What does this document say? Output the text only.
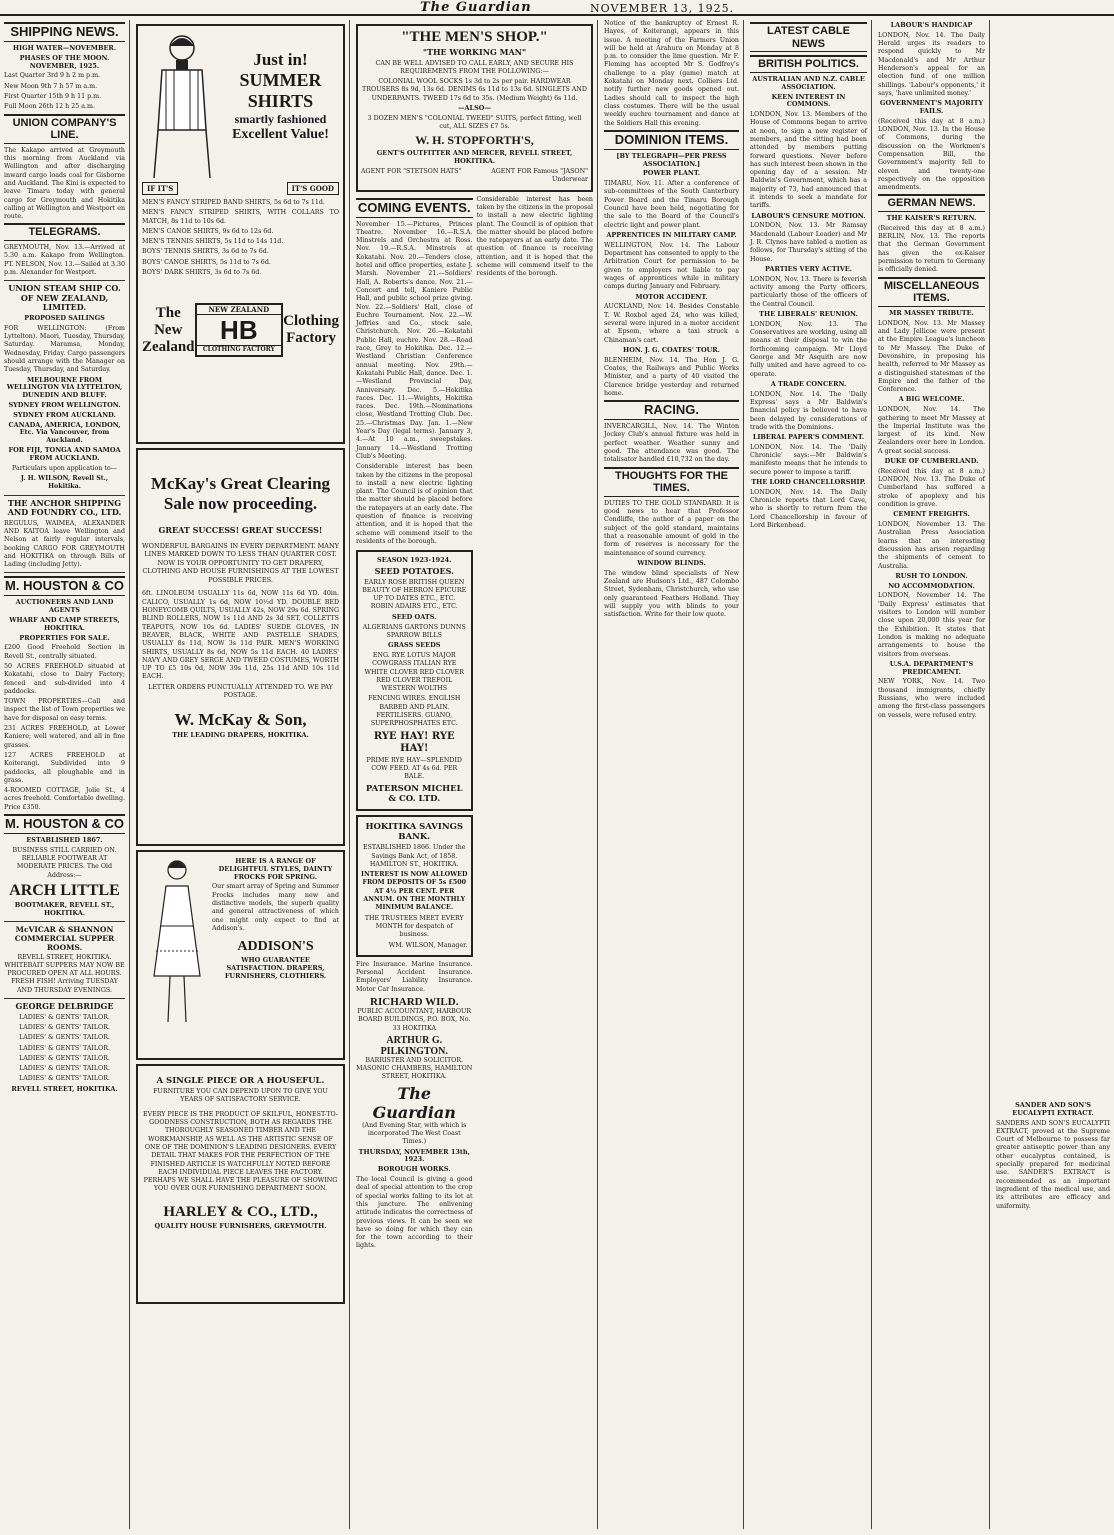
The Guardian	NOVEMBER 13, 1925.
SHIPPING NEWS.
HIGH WATER—NOVEMBER.
PHASES OF THE MOON. NOVEMBER, 1925.
Last Quarter 3rd 9 h 2 m p.m.
New Moon 9th 7 h 57 m a.m.
First Quarter 15th 9 h 11 p.m.
Full Moon 26th 12 h 25 a.m.
UNION COMPANY'S LINE.
The Kakapo arrived at Greymouth this morning from Auckland via Wellington and after discharging inward cargo loads coal for Gisborne and Auckland. The Kini is expected to leave Timaru today with general cargo for Greymouth and Hokitika calling at Wellington and Westport en route.
TELEGRAMS.
GREYMOUTH, Nov. 13.—Arrived at 5.30 a.m. Kakapo from Wellington. PT. NELSON, Nov. 13.—Sailed at 3.30 p.m. Alexander for Westport.
UNION STEAM SHIP CO. OF NEW ZEALAND, LIMITED.
PROPOSED SAILINGS
FOR WELLINGTON: (From Lyttelton). Maori, Tuesday, Thursday, Saturday. Maramsa, Monday, Wednesday, Friday. Cargo passengers should arrange with the Manager on Tuesday, Thursday, and Saturday.
MELBOURNE FROM WELLINGTON VIA LYTTELTON, DUNEDIN AND BLUFF.
SYDNEY FROM WELLINGTON.
SYDNEY FROM AUCKLAND.
CANADA, AMERICA, LONDON, Etc. Via Vancouver, from Auckland.
FOR FIJI, TONGA AND SAMOA FROM AUCKLAND.
Particulars upon application to—
J. H. WILSON, Revell St., Hokitika.
THE ANCHOR SHIPPING AND FOUNDRY CO., LTD.
REGULUS, WAIMEA, ALEXANDER AND KAITOA leave Wellington and Nelson at fairly regular intervals, booking CARGO FOR GREYMOUTH and HOKITIKA on through Bills of Lading (including Jetty).
M. HOUSTON & CO
AUCTIONEERS AND LAND AGENTS
WHARF AND CAMP STREETS, HOKITIKA.
PROPERTIES FOR SALE.
£200 Good Freehold Section in Revell St., centrally situated.
50 ACRES FREEHOLD situated at Kokatahi, close to Dairy Factory; fenced and sub-divided into 4 paddocks.
TOWN PROPERTIES—Call and inspect the list of Town properties we have for disposal on easy terms.
231 ACRES FREEHOLD, at Lower Kaniere; well watered, and all in fine grasses.
127 ACRES FREEHOLD at Koiterangi. Subdivided into 9 paddocks, all ploughable and in grass.
4-ROOMED COTTAGE, Jolie St., 4 acres freehold. Comfortable dwelling. Price £350.
M. HOUSTON & CO
ESTABLISHED 1867.
BUSINESS STILL CARRIED ON. RELIABLE FOOTWEAR AT MODERATE PRICES. The Old Address:—
ARCH LITTLE
BOOTMAKER, REVELL ST., HOKITIKA.
McVICAR & SHANNON COMMERCIAL SUPPER ROOMS.
REVELL STREET, HOKITIKA. WHITEBAIT SUPPERS MAY NOW BE PROCURED OPEN AT ALL HOURS. FRESH FISH! Arriving TUESDAY AND THURSDAY EVENINGS.
GEORGE DELBRIDGE
LADIES' & GENTS' TAILOR.
LADIES' & GENTS' TAILOR.
LADIES' & GENTS' TAILOR.
LADIES' & GENTS' TAILOR.
LADIES' & GENTS' TAILOR.
LADIES' & GENTS' TAILOR.
LADIES' & GENTS' TAILOR.
REVELL STREET, HOKITIKA.
Just in!
SUMMER
SHIRTS
smartly fashioned
Excellent Value!
IF IT'S	IT'S GOOD
MEN'S FANCY STRIPED BAND SHIRTS, 5s 6d to 7s 11d.
MEN'S FANCY STRIPED SHIRTS, WITH COLLARS TO MATCH, 8s 11d to 10s 6d.
MEN'S CANOE SHIRTS, 9s 6d to 12s 6d.
MEN'S TENNIS SHIRTS, 5s 11d to 14s 11d.
BOYS' TENNIS SHIRTS, 3s 6d to 7s 6d.
BOYS' CANOE SHIRTS, 5s 11d to 7s 6d.
BOYS' DARK SHIRTS, 3s 6d to 7s 6d.
The New
Zealand
NEW ZEALAND
HB
CLOTHING FACTORY
Clothing
Factory
McKay's Great Clearing Sale now proceeding.
GREAT SUCCESS! GREAT SUCCESS!
WONDERFUL BARGAINS IN EVERY DEPARTMENT. MANY LINES MARKED DOWN TO LESS THAN QUARTER COST. NOW IS YOUR OPPORTUNITY TO GET DRAPERY, CLOTHING AND HOUSE FURNISHINGS AT THE LOWEST POSSIBLE PRICES.
6ft. LINOLEUM USUALLY 11s 6d, NOW 11s 6d YD. 40in. CALICO, USUALLY 1s 6d, NOW 10½d YD. DOUBLE BED HONEYCOMB QUILTS, USUALLY 42s, NOW 29s 6d. SPRING BLIND ROLLERS, NOW 1s 11d AND 2s 3d SET. COLLETTS TEAPOTS, NOW 10s 6d. LADIES' SUEDE GLOVES, IN BEAVER, BLACK, WHITE AND PASTELLE SHADES, USUALLY 8s 11d, NOW 3s 11d PAIR. MEN'S WORKING SHIRTS, USUALLY 8s 6d, NOW 5s 11d EACH. 40 LADIES' NAVY AND GREY SERGE AND TWEED COSTUMES, WORTH UP TO £5 10s 0d, NOW 39s 11d, 25s 11d AND 10s 11d EACH.
LETTER ORDERS PUNCTUALLY ATTENDED TO. WE PAY POSTAGE.
W. McKay & Son,
THE LEADING DRAPERS, HOKITIKA.
HERE IS A RANGE OF DELIGHTFUL STYLES, DAINTY FROCKS FOR SPRING.
Our smart array of Spring and Summer Frocks includes many new and distinctive models, the superb quality and general attractiveness of which one might only expect to find at Addison's.
ADDISON'S
WHO GUARANTEE SATISFACTION. DRAPERS, FURNISHERS, CLOTHIERS.
A SINGLE PIECE OR A HOUSEFUL.
FURNITURE YOU CAN DEPEND UPON TO GIVE YOU YEARS OF SATISFACTORY SERVICE.
EVERY PIECE IS THE PRODUCT OF SKILFUL, HONEST-TO-GOODNESS CONSTRUCTION, BOTH AS REGARDS THE THOROUGHLY SEASONED TIMBER AND THE WORKMANSHIP, AS WELL AS THE ARTISTIC SENSE OF ONE OF THE DOMINION'S LEADING DESIGNERS. EVERY DETAIL THAT MAKES FOR THE PERFECTION OF THE FINISHED ARTICLE IS WATCHFULLY NOTED BEFORE EACH INDIVIDUAL PIECE LEAVES THE FACTORY. PERHAPS WE SHALL HAVE THE PLEASURE OF SHOWING YOU OVER OUR FURNISHING DEPARTMENT SOON.
HARLEY & CO., LTD.,
QUALITY HOUSE FURNISHERS, GREYMOUTH.
"THE MEN'S SHOP."
"THE WORKING MAN"
CAN BE WELL ADVISED TO CALL EARLY, AND SECURE HIS REQUIREMENTS FROM THE FOLLOWING:—
COLONIAL WOOL SOCKS 1s 3d to 2s per pair. HARDWEAR TROUSERS 8s 9d, 13s 6d. DENIMS 6s 11d to 13s 6d. SINGLETS AND UNDERPANTS. TWEED 17s 6d to 35s. (Medium Weight) 6s 11d.
—ALSO—
3 DOZEN MEN'S "COLONIAL TWEED" SUITS, perfect fitting, well cut, ALL SIZES £7 5s.
W. H. STOPFORTH'S,
GENT'S OUTFITTER AND MERCER, REVELL STREET, HOKITIKA.
AGENT FOR "STETSON HATS"	AGENT FOR Famous "JASON" Underwear
COMING EVENTS.
November 15.—Pictures, Princes Theatre. November 16.—R.S.A. Minstrels and Orchestra at Ross. Nov. 19.—R.S.A. Minstrels at Kokatahi. Nov. 20.—Tenders close, hotel and office properties, estate J. Marsh. November 21.—Soldiers' Hall, A. Roberts's dance. Nov. 21.—Concert and tell, Kaniere Public Hall, and public school prize giving. Nov. 22.—Soldiers' Hall, close of Euchre Tournament. Nov. 22.—W. Jeffries and Co., stock sale, Christchurch. Nov. 26.—Kokatahi Public Hall, euchre. Nov. 28.—Road race, Grey to Hokitika. Dec. 12.—Westland Christian Conference annual meeting. Nov. 29th.—Kokatahi Public Hall, dance. Dec. 1.—Westland Provincial Day, Anniversary. Dec. 5.—Hokitika races. Dec. 11.—Weights, Hokitika races. Dec. 19th.—Nominations close, Westland Trotting Club. Dec. 25.—Christmas Day. Jan. 1.—New Year's Day (legal terms). January 3, 4.—At 10 a.m., sweepstakes. January 14.—Westland Trotting Club's Meeting.
Considerable interest has been taken by the citizens in the proposal to install a new electric lighting plant. The Council is of opinion that the matter should be placed before the ratepayers at an early date. The question of finance is receiving attention, and it is hoped that the scheme will commend itself to the residents of the borough.
SEASON 1923-1924.
SEED POTATOES.
EARLY ROSE BRITISH QUEEN BEAUTY OF HEBRON EPICURE UP TO DATES ETC., ETC. ROBIN ADAIRS ETC., ETC.
SEED OATS.
ALGERIANS GARTONS DUNNS SPARROW BILLS
GRASS SEEDS
ENG. RYE LOTUS MAJOR COWGRASS ITALIAN RYE WHITE CLOVER RED CLOVER RED CLOVER TREFOIL WESTERN WOLTHS
FENCING WIRES. ENGLISH BARBED AND PLAIN. FERTILISERS. GUANO, SUPERPHOSPHATES ETC.
RYE HAY! RYE HAY!
PRIME RYE HAY—SPLENDID COW FEED. AT 4s 6d. PER BALE.
PATERSON MICHEL & CO. LTD.
HOKITIKA SAVINGS BANK.
ESTABLISHED 1866. Under the Savings Bank Act, of 1858. HAMILTON ST., HOKITIKA.
INTEREST IS NOW ALLOWED FROM DEPOSITS OF 5s £500 AT 4½ PER CENT. PER ANNUM. ON THE MONTHLY MINIMUM BALANCE.
THE TRUSTEES MEET EVERY MONTH for despatch of business.
WM. WILSON, Manager.
Fire Insurance. Marine Insurance. Personal Accident Insurance. Employers' Liability Insurance. Motor Car Insurance.
RICHARD WILD.
PUBLIC ACCOUNTANT, HARBOUR BOARD BUILDINGS, P.O. BOX, No. 33 HOKITIKA
ARTHUR G. PILKINGTON.
BARRISTER AND SOLICITOR. MASONIC CHAMBERS, HAMILTON STREET, HOKITIKA.
The Guardian
(And Evening Star, with which is incorporated The West Coast Times.)
THURSDAY, NOVEMBER 13th, 1923.
BOROUGH WORKS.
The local Council is giving a good deal of special attention to the crop of special works falling to its lot at this juncture. The enlivening attitude indicates the correctness of previous views. It can be seen we have so doing for which they can for the town according to their lights.
Considerable interest has been taken by the citizens in the proposal to install a new electric lighting plant. The Council is of opinion that the matter should be placed before the ratepayers at an early date. The question of finance is receiving attention, and it is hoped that the scheme will commend itself to the residents of the borough.
Notice of the bankruptcy of Ernest R. Hayes, of Koiterangi, appears in this issue. A meeting of the Farmers Union will be held at Arahura on Monday at 8 p.m. to consider the lime question. Mr F. Fleming has accepted Mr S. Godfrey's challenge to a play (game) match at Kokatahi on Monday next. Colliers Ltd. notify further new goods opened out. Ladies should call to inspect the high class costumes. There will be the usual weekly euchre tournament and dance at the Soldiers Hall this evening.
DOMINION ITEMS.
[BY TELEGRAPH—PER PRESS ASSOCIATION.]
POWER PLANT.
TIMARU, Nov. 11. After a conference of sub-committees of the South Canterbury Power Board and the Timaru Borough Council have been held, negotiating for the sale to the Board of the Council's electric light and power plant.
APPRENTICES IN MILITARY CAMP.
WELLINGTON, Nov. 14. The Labour Department has consented to apply to the Arbitration Court for permission to be given to employers not liable to pay wages of apprentices while in military camps during January and February.
MOTOR ACCIDENT.
AUCKLAND, Nov. 14. Besides Constable T. W. Roxbol aged 24, who was killed, several were injured in a motor accident at Epsom, where a taxi struck a Chinaman's cart.
HON. J. G. COATES' TOUR.
BLENHEIM, Nov. 14. The Hon J. G. Coates, the Railways and Public Works Minister, and a party of 40 visited the Clarence bridge yesterday and returned home.
RACING.
INVERCARGILL, Nov. 14. The Winton Jockey Club's annual fixture was held in perfect weather. Weather sunny and good. The attendance was good. The totalisator handled £10,732 on the day.
THOUGHTS FOR THE TIMES.
DUTIES TO THE GOLD STANDARD. It is good news to hear that Professor Condliffe, the author of a paper on the subject of the gold standard, maintains that a reasonable amount of gold in the form of reserves is necessary for the maintenance of sound currency.
WINDOW BLINDS.
The window blind specialists of New Zealand are Hudson's Ltd., 487 Colombo Street, Sydenham, Christchurch, who use only guaranteed Feathers Holland. They will supply you with blinds to your satisfaction. Write for their low quote.
LATEST CABLE NEWS
BRITISH POLITICS.
AUSTRALIAN AND N.Z. CABLE ASSOCIATION.
KEEN INTEREST IN COMMONS.
LONDON, Nov. 13. Members of the House of Commons began to arrive at noon, to sign a new register of members, and the sitting had been attended by members putting forward questions. Never before has such interest been shown in the opening day of a session. Mr Baldwin's Government, which has a majority of 73, had announced that it intends to seek a mandate for tariffs.
LABOUR'S CENSURE MOTION.
LONDON, Nov. 13. Mr Ramsay Macdonald (Labour Leader) and Mr J. R. Clynes have tabled a motion as follows, for Thursday's sitting of the House.
PARTIES VERY ACTIVE.
LONDON, Nov. 13. There is feverish activity among the Party officers, particularly those of the officers of the Central Council.
THE LIBERALS' REUNION.
LONDON, Nov. 13. The Conservatives are working, using all means at their disposal to win the forthcoming campaign. Mr Lloyd George and Mr Asquith are now fully united and have agreed to co-operate.
A TRADE CONCERN.
LONDON, Nov. 14. The 'Daily Express' says a Mr Baldwin's financial policy is believed to have been delayed by considerations of trade with the Dominions.
LIBERAL PAPER'S COMMENT.
LONDON, Nov. 14. The 'Daily Chronicle' says:—Mr Baldwin's manifesto means that he intends to secure power to impose a tariff.
THE LORD CHANCELLORSHIP.
LONDON, Nov. 14. The Daily Chronicle reports that Lord Cave, who is shortly to return from the Lord Chancellorship in favour of Lord Birkenhead.
LABOUR'S HANDICAP
LONDON, Nov. 14. The Daily Herald urges its readers to respond quickly to Mr Macdonald's and Mr Arthur Henderson's appeal for an election fund of one million shillings. 'Labour's opponents,' it says, 'have unlimited money.'
GOVERNMENT'S MAJORITY FAILS.
(Received this day at 8 a.m.) LONDON, Nov. 13. In the House of Commons, during the discussion on the Workmen's Compensation Bill, the Government's majority fell to eleven and twenty-one respectively on the opposition amendments.
GERMAN NEWS.
THE KAISER'S RETURN.
(Received this day at 8 a.m.) BERLIN, Nov. 13. The reports that the German Government has given the ex-Kaiser permission to return to Germany is officially denied.
MISCELLANEOUS ITEMS.
MR MASSEY TRIBUTE.
LONDON, Nov. 13. Mr Massey and Lady Jellicoe were present at the Empire League's luncheon to Mr Massey. The Duke of Devonshire, in proposing his health, referred to Mr Massey as a distinguished statesman of the Empire and the father of the Conference.
A BIG WELCOME.
LONDON, Nov. 14. The gathering to meet Mr Massey at the Imperial Institute was the largest of its kind. New Zealanders over here in London. A great social success.
DUKE OF CUMBERLAND.
(Received this day at 8 a.m.) LONDON, Nov. 13. The Duke of Cumberland has suffered a stroke of apoplexy and his condition is grave.
CEMENT FREIGHTS.
LONDON, November 13. The Australian Press Association learns that an interesting discussion has arisen regarding the shipments of cement to Australia.
RUSH TO LONDON.
NO ACCOMMODATION.
LONDON, November 14. The 'Daily Express' estimates that visitors to London will number close upon 20,000 this year for the Exhibition. It states that London is making no adequate arrangements to house the visitors from overseas.
U.S.A. DEPARTMENT'S PREDICAMENT.
NEW YORK, Nov. 14. Two thousand immigrants, chiefly Russians, who were included among the first-class passengers on vessels, were refused entry.
SANDER AND SON'S EUCALYPTI EXTRACT.
SANDERS AND SON'S EUCALYPTI EXTRACT, proved at the Supreme Court of Melbourne to possess far greater antiseptic power than any other eucalyptus contained, is specially prepared for medicinal use. SANDER'S EXTRACT is recommended as an important ingredient of the medical use, and its attributes are efficacy and uniformity.
